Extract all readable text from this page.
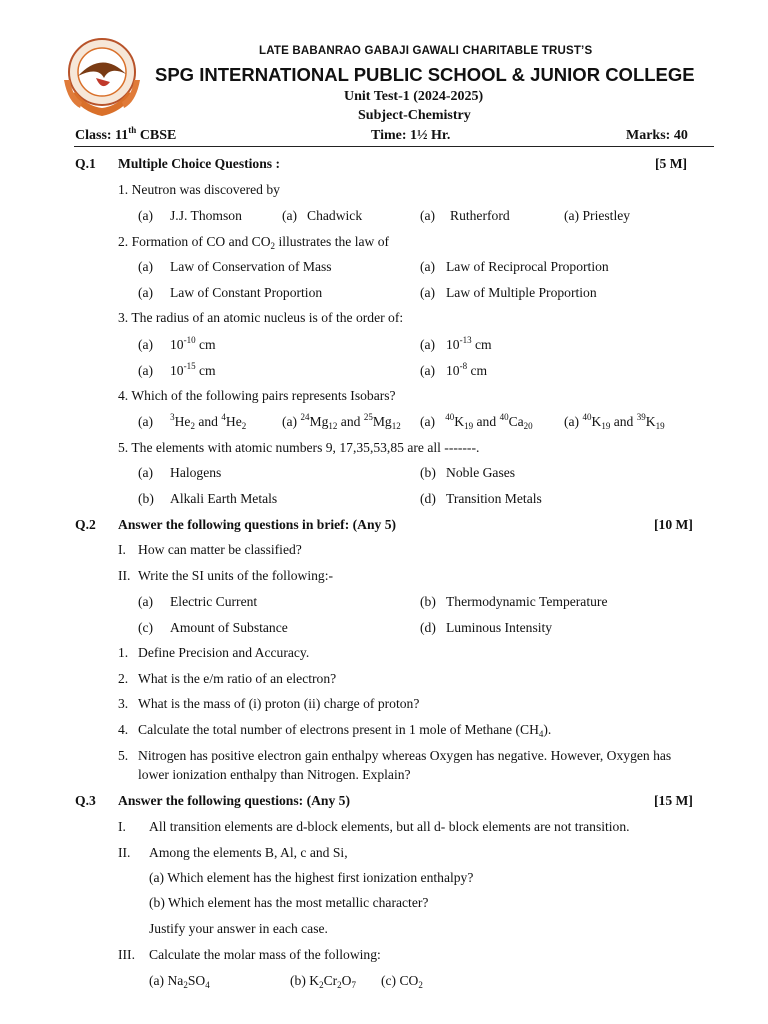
LATE BABANRAO GABAJI GAWALI CHARITABLE TRUST’S
SPG INTERNATIONAL PUBLIC SCHOOL & JUNIOR COLLEGE
Unit Test-1 (2024-2025)
Subject-Chemistry
Class: 11th CBSE	Time: 1½ Hr.	Marks: 40
Q.1 Multiple Choice Questions :	[5 M]
1. Neutron was discovered by
(a) J.J. Thomson	(a) Chadwick	(a) Rutherford	(a) Priestley
2. Formation of CO and $CO_2$ illustrates the law of
(a) Law of Conservation of Mass	(a) Law of Reciprocal Proportion
(a) Law of Constant Proportion	(a) Law of Multiple Proportion
3. The radius of an atomic nucleus is of the order of:
(a) $10^{-10}$ cm	(a) $10^{-13}$ cm
(a) $10^{-15}$ cm	(a) $10^{-8}$ cm
4. Which of the following pairs represents Isobars?
(a) $^3He_2$ and $^4He_2$	(a) $^{24}Mg_{12}$ and $^{25}Mg_{12}$ (a) $^{40}K_{19}$ and $^{40}Ca_{20}$ (a) $^{40}K_{19}$ and $^{39}K_{19}$
5. The elements with atomic numbers 9, 17,35,53,85 are all -------.
(a) Halogens	(b) Noble Gases
(b) Alkali Earth Metals	(d) Transition Metals
Q.2 Answer the following questions in brief: (Any 5)	[10 M]
I. How can matter be classified?
II. Write the SI units of the following:-
(a) Electric Current	(b) Thermodynamic Temperature
(c) Amount of Substance	(d) Luminous Intensity
1. Define Precision and Accuracy.
2. What is the e/m ratio of an electron?
3. What is the mass of (i) proton (ii) charge of proton?
4. Calculate the total number of electrons present in 1 mole of Methane $(CH_4)$.
5. Nitrogen has positive electron gain enthalpy whereas Oxygen has negative. However, Oxygen has
lower ionization enthalpy than Nitrogen. Explain?
Q.3 Answer the following questions: (Any 5)	[15 M]
I. All transition elements are d-block elements, but all d- block elements are not transition.
II. Among the elements B, Al, c and Si,
(a) Which element has the highest first ionization enthalpy?
(b) Which element has the most metallic character?
Justify your answer in each case.
III. Calculate the molar mass of the following:
(a) $Na_2SO_4$	(b) $K_2Cr_2O_7$ (c) $CO_2$
